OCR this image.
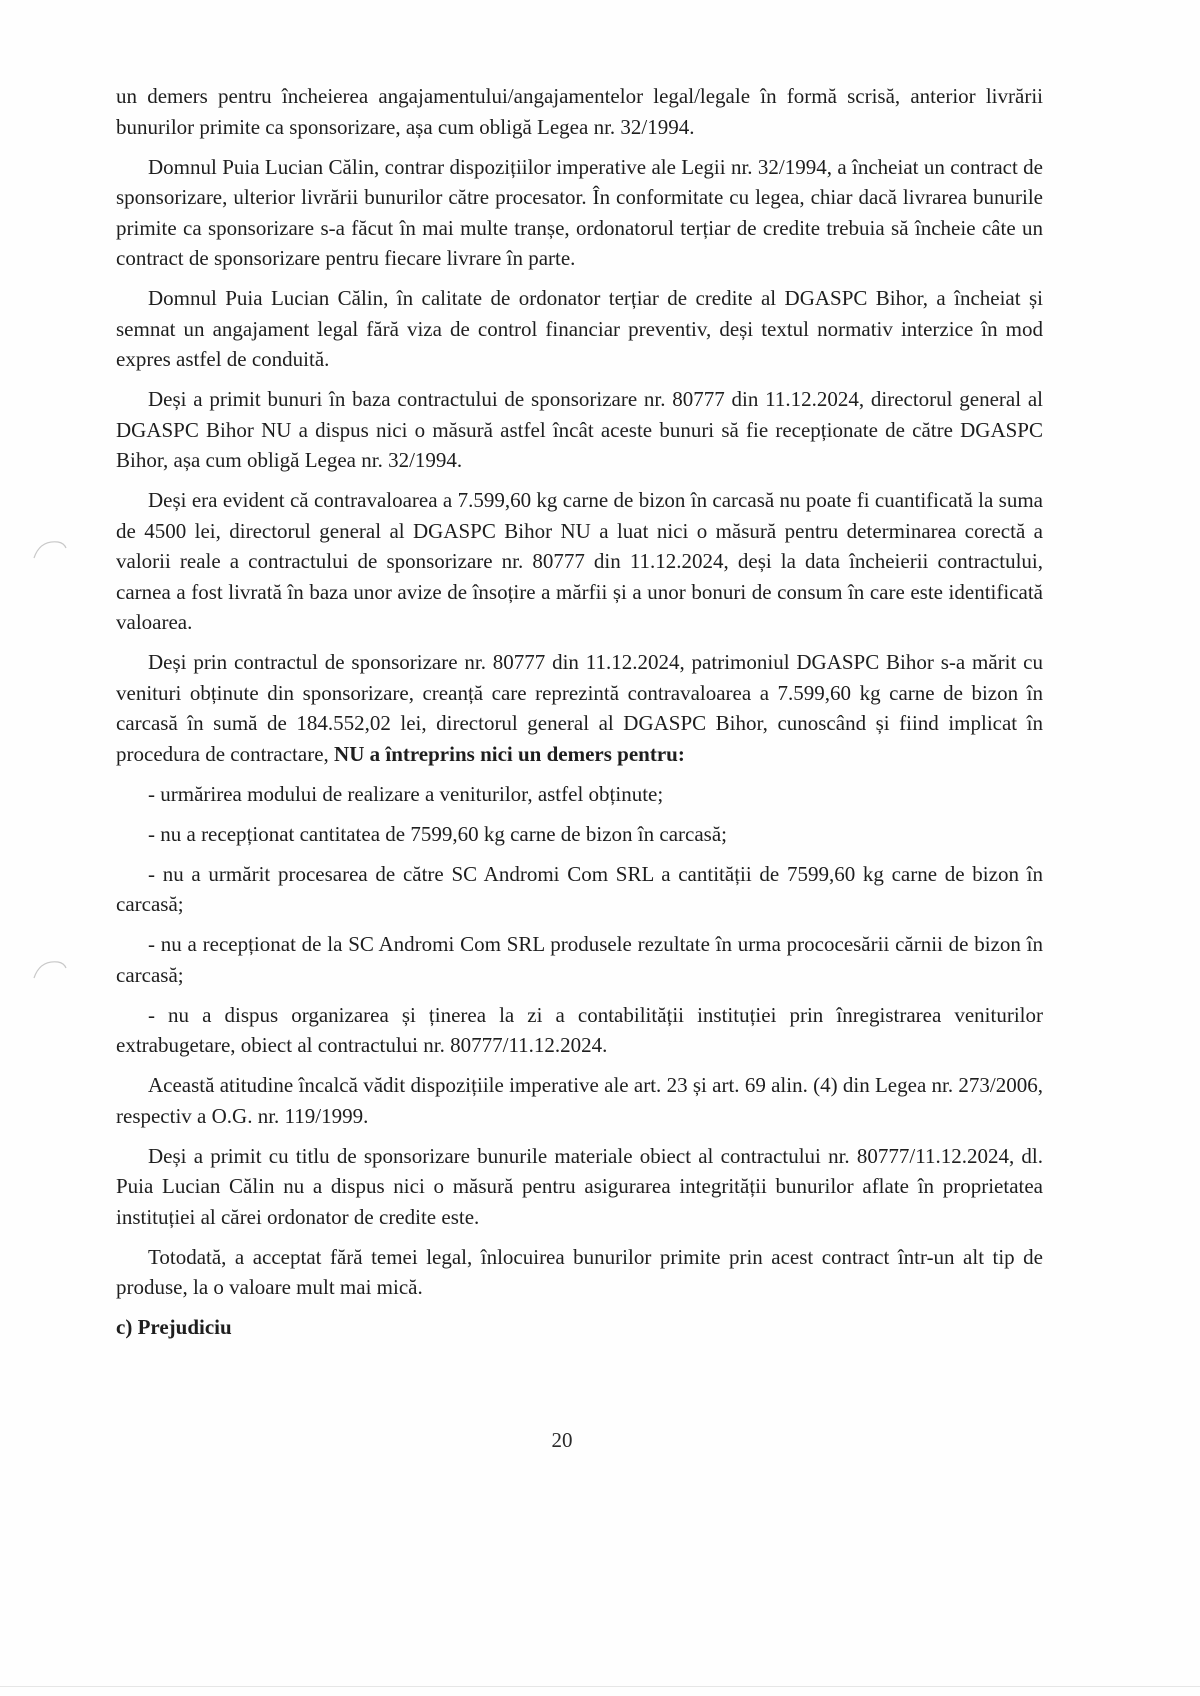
un demers pentru încheierea angajamentului/angajamentelor legal/legale în formă scrisă, anterior livrării bunurilor primite ca sponsorizare, așa cum obligă Legea nr. 32/1994.

Domnul Puia Lucian Călin, contrar dispozițiilor imperative ale Legii nr. 32/1994, a încheiat un contract de sponsorizare, ulterior livrării bunurilor către procesator. În conformitate cu legea, chiar dacă livrarea bunurile primite ca sponsorizare s-a făcut în mai multe tranșe, ordonatorul terțiar de credite trebuia să încheie câte un contract de sponsorizare pentru fiecare livrare în parte.

Domnul Puia Lucian Călin, în calitate de ordonator terțiar de credite al DGASPC Bihor, a încheiat și semnat un angajament legal fără viza de control financiar preventiv, deși textul normativ interzice în mod expres astfel de conduită.

Deși a primit bunuri în baza contractului de sponsorizare nr. 80777 din 11.12.2024, directorul general al DGASPC Bihor NU a dispus nici o măsură astfel încât aceste bunuri să fie recepționate de către DGASPC Bihor, așa cum obligă Legea nr. 32/1994.

Deși era evident că contravaloarea a 7.599,60 kg carne de bizon în carcasă nu poate fi cuantificată la suma de 4500 lei, directorul general al DGASPC Bihor NU a luat nici o măsură pentru determinarea corectă a valorii reale a contractului de sponsorizare nr. 80777 din 11.12.2024, deși la data încheierii contractului, carnea a fost livrată în baza unor avize de însoțire a mărfii și a unor bonuri de consum în care este identificată valoarea.

Deși prin contractul de sponsorizare nr. 80777 din 11.12.2024, patrimoniul DGASPC Bihor s-a mărit cu venituri obținute din sponsorizare, creanță care reprezintă contravaloarea a 7.599,60 kg carne de bizon în carcasă în sumă de 184.552,02 lei, directorul general al DGASPC Bihor, cunoscând și fiind implicat în procedura de contractare, NU a întreprins nici un demers pentru:

- urmărirea modului de realizare a veniturilor, astfel obținute;

- nu a recepționat cantitatea de 7599,60 kg carne de bizon în carcasă;

- nu a urmărit procesarea de către SC Andromi Com SRL a cantității de 7599,60 kg carne de bizon în carcasă;

- nu a recepționat de la SC Andromi Com SRL produsele rezultate în urma prococesării cărnii de bizon în carcasă;

- nu a dispus organizarea și ținerea la zi a contabilității instituției prin înregistrarea veniturilor extrabugetare, obiect al contractului nr. 80777/11.12.2024.

Această atitudine încalcă vădit dispozițiile imperative ale art. 23 și art. 69 alin. (4) din Legea nr. 273/2006, respectiv a O.G. nr. 119/1999.

Deși a primit cu titlu de sponsorizare bunurile materiale obiect al contractului nr. 80777/11.12.2024, dl. Puia Lucian Călin nu a dispus nici o măsură pentru asigurarea integrității bunurilor aflate în proprietatea instituției al cărei ordonator de credite este.

Totodată, a acceptat fără temei legal, înlocuirea bunurilor primite prin acest contract într-un alt tip de produse, la o valoare mult mai mică.

c) Prejudiciu

20
